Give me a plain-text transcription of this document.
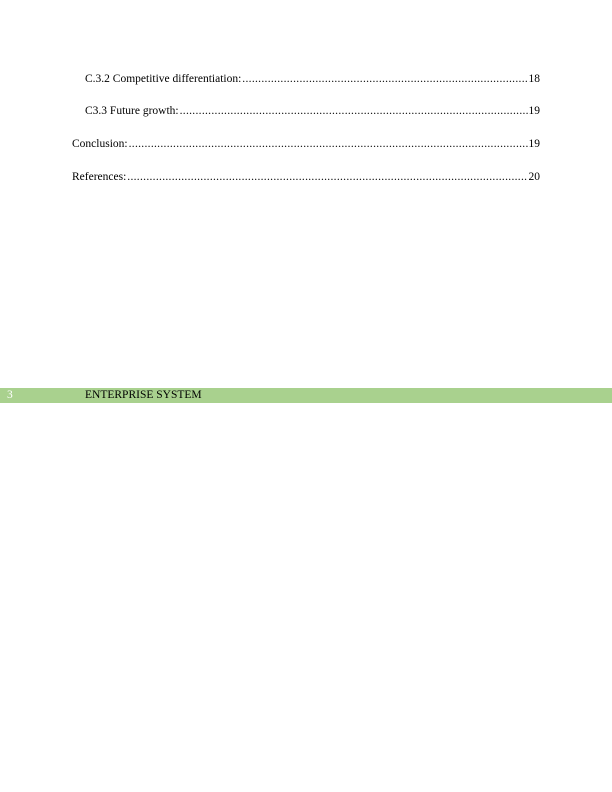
C.3.2 Competitive differentiation: .....	18
C3.3 Future growth: .....	19
Conclusion: .....	19
References: .....	20
3	ENTERPRISE SYSTEM
